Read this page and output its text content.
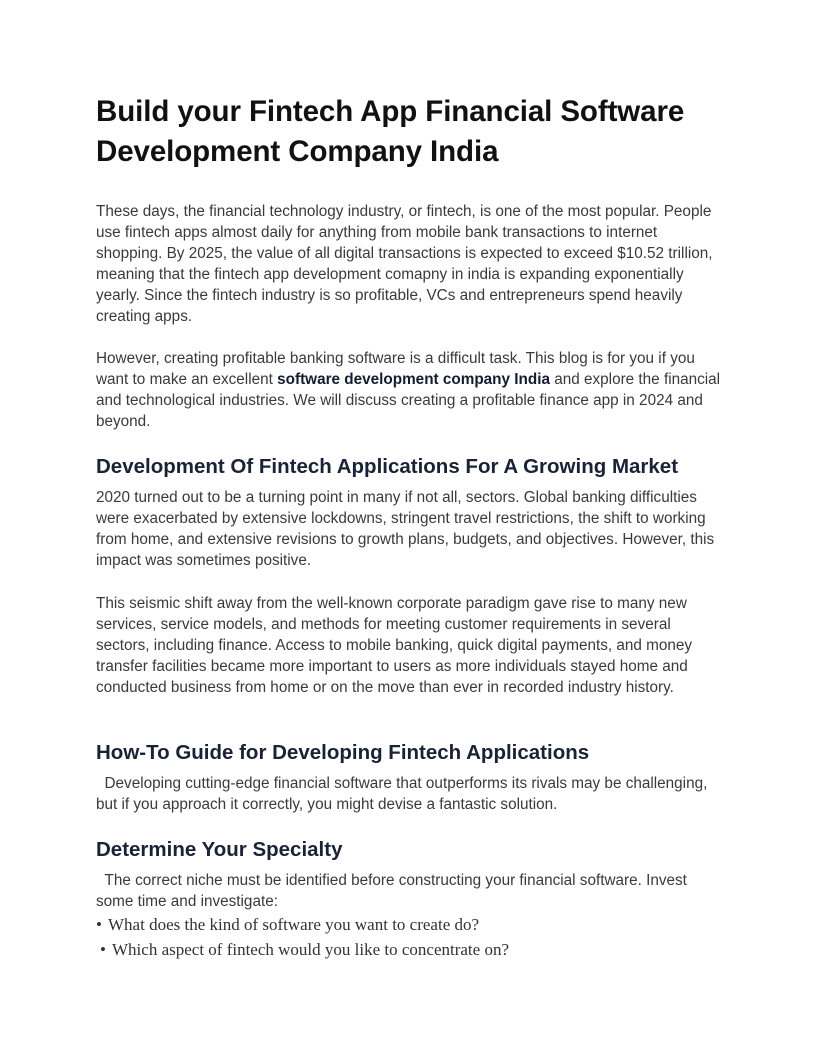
Build your Fintech App Financial Software Development Company India

These days, the financial technology industry, or fintech, is one of the most popular. People use fintech apps almost daily for anything from mobile bank transactions to internet shopping. By 2025, the value of all digital transactions is expected to exceed $10.52 trillion, meaning that the fintech app development comapny in india is expanding exponentially yearly. Since the fintech industry is so profitable, VCs and entrepreneurs spend heavily creating apps.

However, creating profitable banking software is a difficult task. This blog is for you if you want to make an excellent software development company India and explore the financial and technological industries. We will discuss creating a profitable finance app in 2024 and beyond.

Development Of Fintech Applications For A Growing Market

2020 turned out to be a turning point in many if not all, sectors. Global banking difficulties were exacerbated by extensive lockdowns, stringent travel restrictions, the shift to working from home, and extensive revisions to growth plans, budgets, and objectives. However, this impact was sometimes positive.

This seismic shift away from the well-known corporate paradigm gave rise to many new services, service models, and methods for meeting customer requirements in several sectors, including finance. Access to mobile banking, quick digital payments, and money transfer facilities became more important to users as more individuals stayed home and conducted business from home or on the move than ever in recorded industry history.

How-To Guide for Developing Fintech Applications

Developing cutting-edge financial software that outperforms its rivals may be challenging, but if you approach it correctly, you might devise a fantastic solution.

Determine Your Specialty

The correct niche must be identified before constructing your financial software. Invest some time and investigate:

• What does the kind of software you want to create do?
• Which aspect of fintech would you like to concentrate on?
